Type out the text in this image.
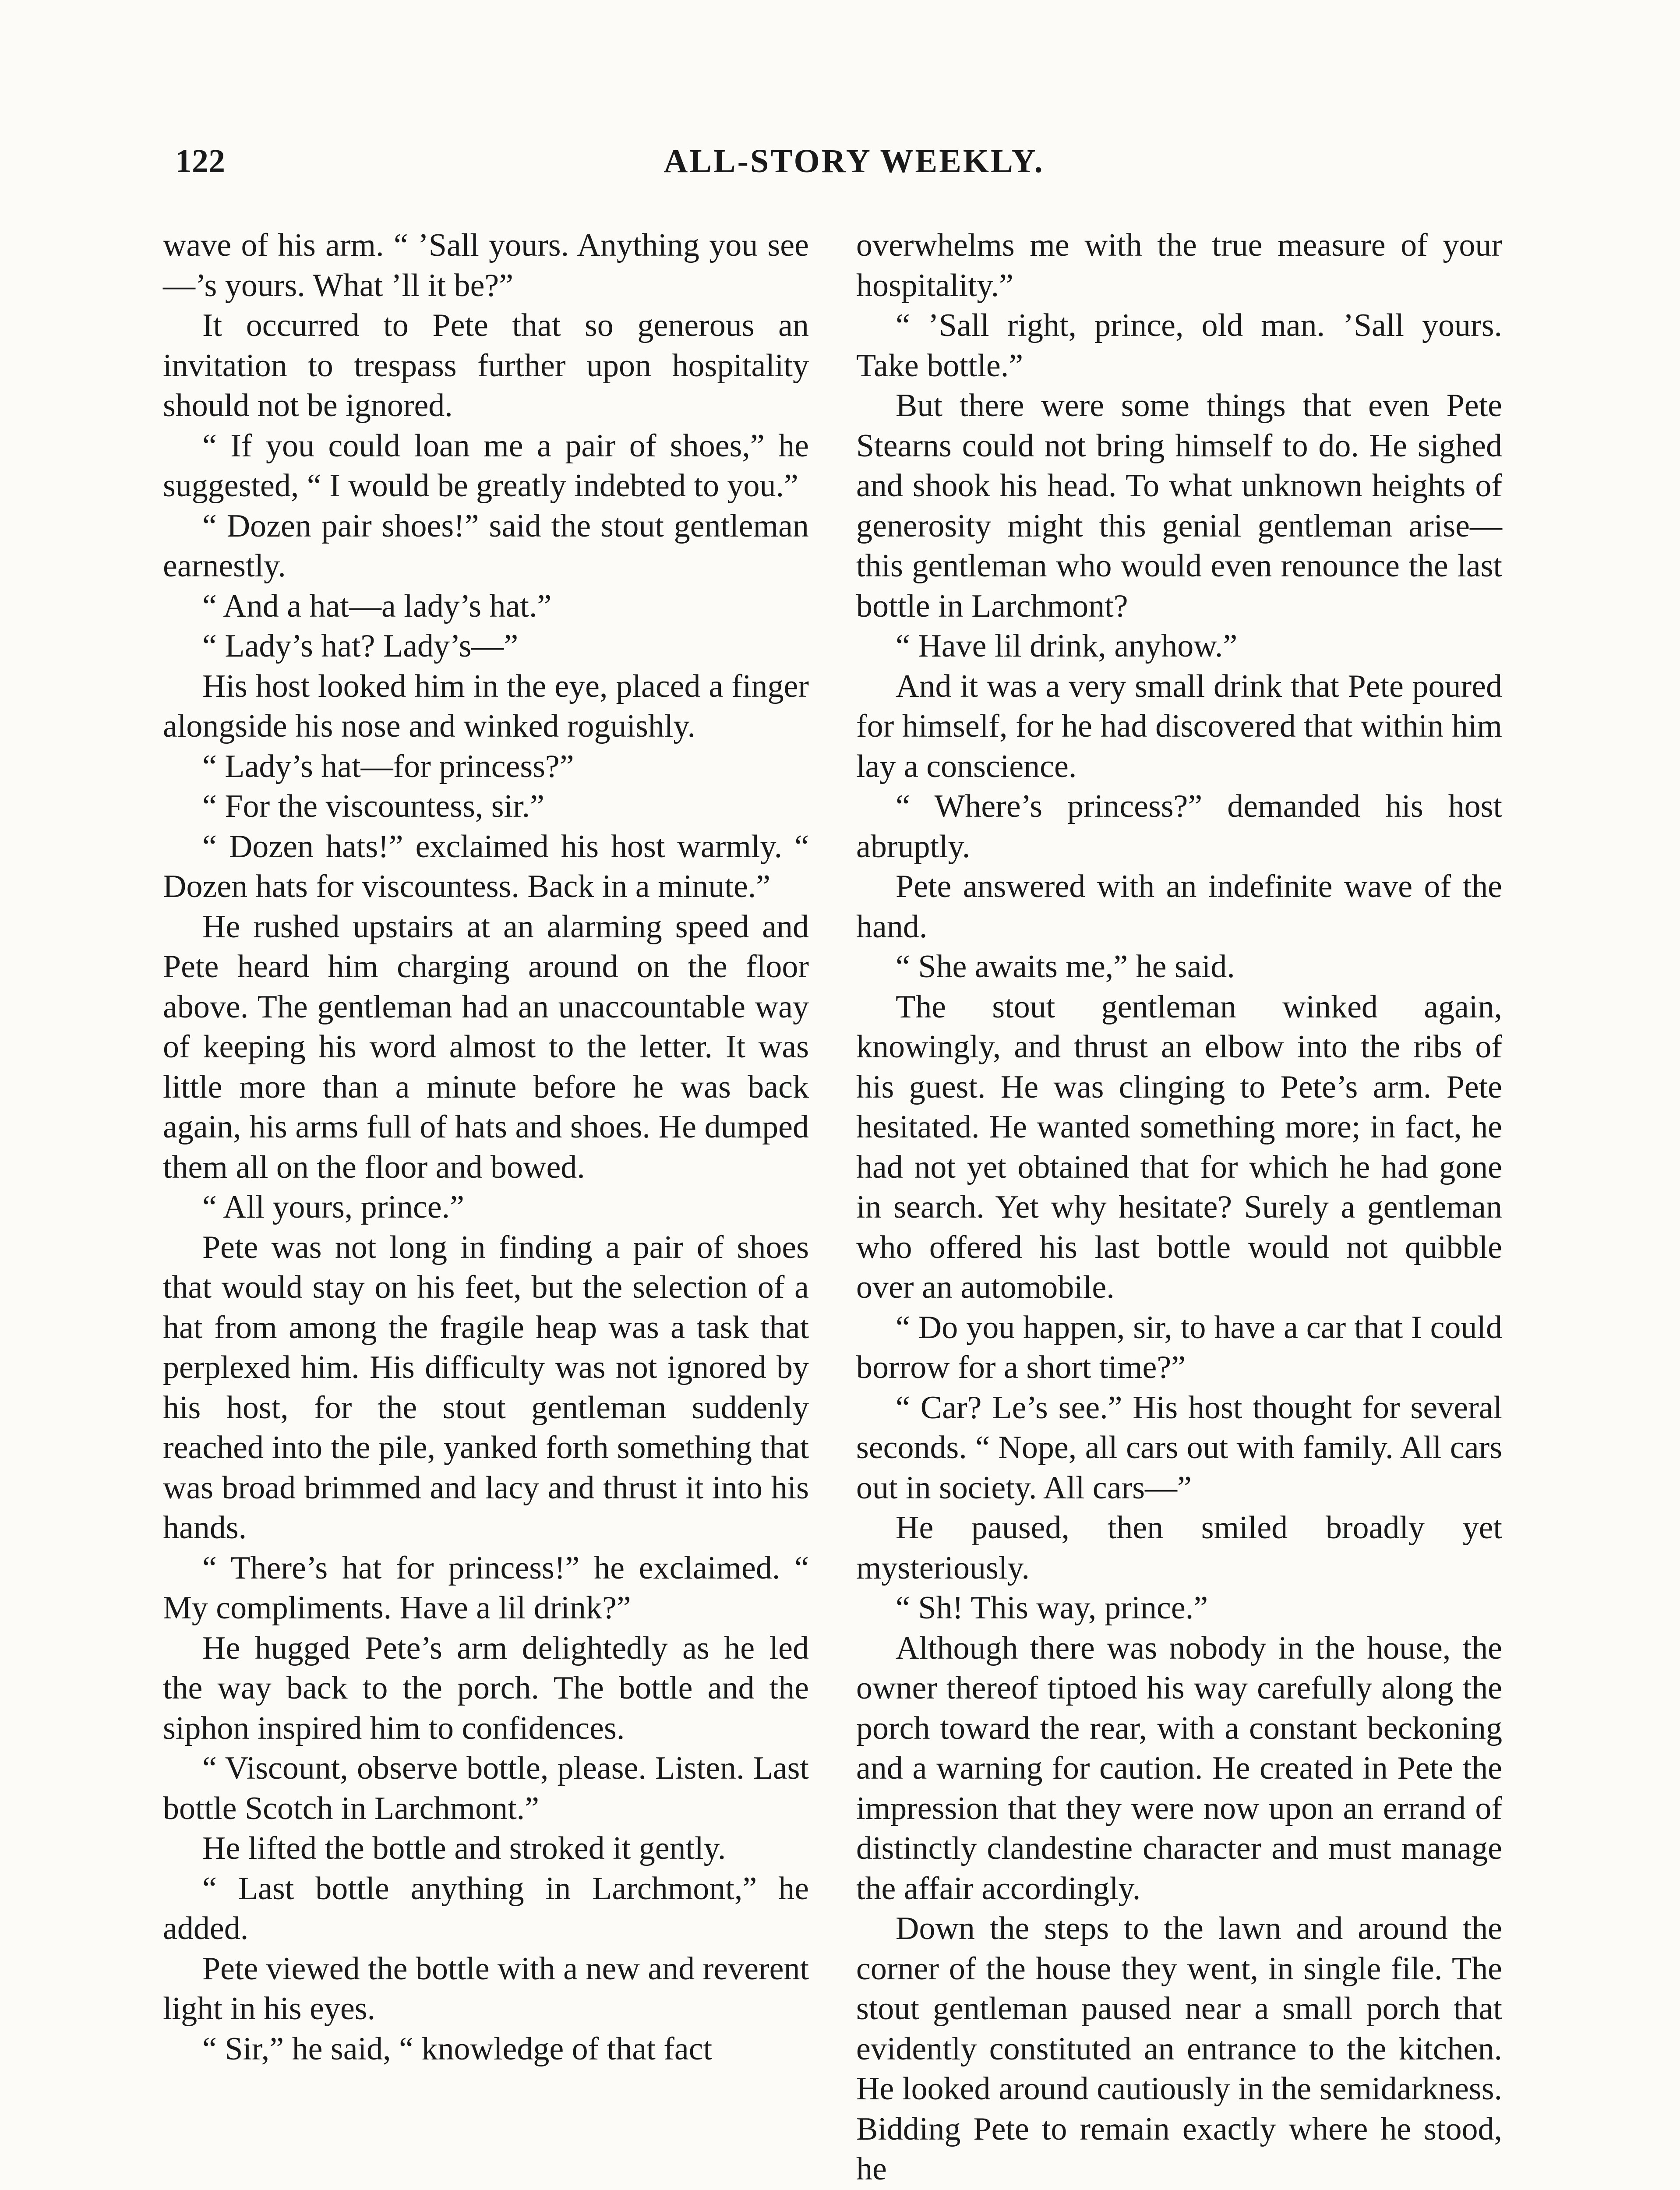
122	ALL-STORY WEEKLY.

wave of his arm. “ ’Sall yours. Anything you see—’s yours. What ’ll it be?”

It occurred to Pete that so generous an invitation to trespass further upon hospitality should not be ignored.

“ If you could loan me a pair of shoes,” he suggested, “ I would be greatly indebted to you.”

“ Dozen pair shoes!” said the stout gentleman earnestly.

“ And a hat—a lady’s hat.”

“ Lady’s hat? Lady’s—”

His host looked him in the eye, placed a finger alongside his nose and winked roguishly.

“ Lady’s hat—for princess?”

“ For the viscountess, sir.”

“ Dozen hats!” exclaimed his host warmly. “ Dozen hats for viscountess. Back in a minute.”

He rushed upstairs at an alarming speed and Pete heard him charging around on the floor above. The gentleman had an unaccountable way of keeping his word almost to the letter. It was little more than a minute before he was back again, his arms full of hats and shoes. He dumped them all on the floor and bowed.

“ All yours, prince.”

Pete was not long in finding a pair of shoes that would stay on his feet, but the selection of a hat from among the fragile heap was a task that perplexed him. His difficulty was not ignored by his host, for the stout gentleman suddenly reached into the pile, yanked forth something that was broad brimmed and lacy and thrust it into his hands.

“ There’s hat for princess!” he exclaimed. “ My compliments. Have a lil drink?”

He hugged Pete’s arm delightedly as he led the way back to the porch. The bottle and the siphon inspired him to confidences.

“ Viscount, observe bottle, please. Listen. Last bottle Scotch in Larchmont.”

He lifted the bottle and stroked it gently.

“ Last bottle anything in Larchmont,” he added.

Pete viewed the bottle with a new and reverent light in his eyes.

“ Sir,” he said, “ knowledge of that fact

overwhelms me with the true measure of your hospitality.”

“ ’Sall right, prince, old man. ’Sall yours. Take bottle.”

But there were some things that even Pete Stearns could not bring himself to do. He sighed and shook his head. To what unknown heights of generosity might this genial gentleman arise—this gentleman who would even renounce the last bottle in Larchmont?

“ Have lil drink, anyhow.”

And it was a very small drink that Pete poured for himself, for he had discovered that within him lay a conscience.

“ Where’s princess?” demanded his host abruptly.

Pete answered with an indefinite wave of the hand.

“ She awaits me,” he said.

The stout gentleman winked again, knowingly, and thrust an elbow into the ribs of his guest. He was clinging to Pete’s arm. Pete hesitated. He wanted something more; in fact, he had not yet obtained that for which he had gone in search. Yet why hesitate? Surely a gentleman who offered his last bottle would not quibble over an automobile.

“ Do you happen, sir, to have a car that I could borrow for a short time?”

“ Car? Le’s see.” His host thought for several seconds. “ Nope, all cars out with family. All cars out in society. All cars—”

He paused, then smiled broadly yet mysteriously.

“ Sh! This way, prince.”

Although there was nobody in the house, the owner thereof tiptoed his way carefully along the porch toward the rear, with a constant beckoning and a warning for caution. He created in Pete the impression that they were now upon an errand of distinctly clandestine character and must manage the affair accordingly.

Down the steps to the lawn and around the corner of the house they went, in single file. The stout gentleman paused near a small porch that evidently constituted an entrance to the kitchen. He looked around cautiously in the semidarkness. Bidding Pete to remain exactly where he stood, he
